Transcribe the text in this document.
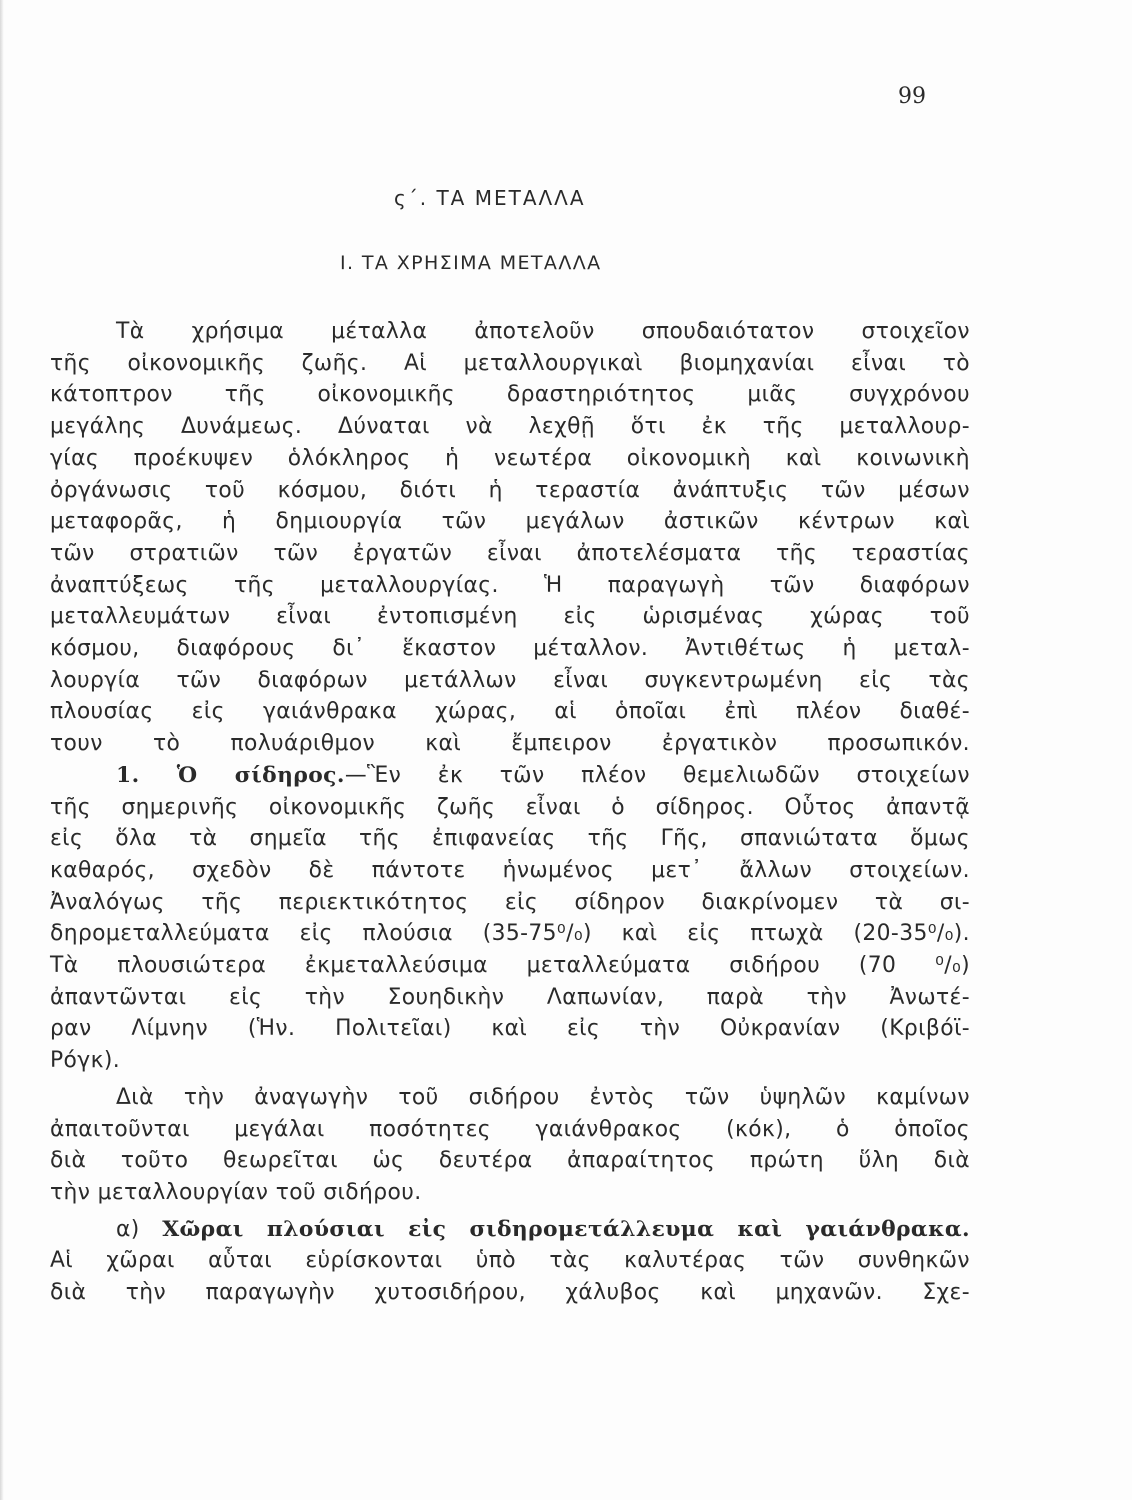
99
ς΄. ΤΑ ΜΕΤΑΛΛΑ
Ι. ΤΑ ΧΡΗΣΙΜΑ ΜΕΤΑΛΛΑ
Τὰ χρήσιμα μέταλλα ἀποτελοῦν σπουδαιότατον στοιχεῖον
τῆς οἰκονομικῆς ζωῆς. Αἱ μεταλλουργικαὶ βιομηχανίαι εἶναι τὸ
κάτοπτρον τῆς οἰκονομικῆς δραστηριότητος μιᾶς συγχρόνου
μεγάλης Δυνάμεως. Δύναται νὰ λεχθῇ ὅτι ἐκ τῆς μεταλλουρ-
γίας προέκυψεν ὁλόκληρος ἡ νεωτέρα οἰκονομικὴ καὶ κοινωνικὴ
ὀργάνωσις τοῦ κόσμου, διότι ἡ τεραστία ἀνάπτυξις τῶν μέσων
μεταφορᾶς, ἡ δημιουργία τῶν μεγάλων ἀστικῶν κέντρων καὶ
τῶν στρατιῶν τῶν ἐργατῶν εἶναι ἀποτελέσματα τῆς τεραστίας
ἀναπτύξεως τῆς μεταλλουργίας. Ἡ παραγωγὴ τῶν διαφόρων
μεταλλευμάτων εἶναι ἐντοπισμένη εἰς ὡρισμένας χώρας τοῦ
κόσμου, διαφόρους δι᾽ ἕκαστον μέταλλον. Ἀντιθέτως ἡ μεταλ-
λουργία τῶν διαφόρων μετάλλων εἶναι συγκεντρωμένη εἰς τὰς
πλουσίας εἰς γαιάνθρακα χώρας, αἱ ὁποῖαι ἐπὶ πλέον διαθέ-
τουν τὸ πολυάριθμον καὶ ἔμπειρον ἐργατικὸν προσωπικόν.
1. Ὁ σίδηρος.—Ἓν ἐκ τῶν πλέον θεμελιωδῶν στοιχείων
τῆς σημερινῆς οἰκονομικῆς ζωῆς εἶναι ὁ σίδηρος. Οὗτος ἀπαντᾷ
εἰς ὅλα τὰ σημεῖα τῆς ἐπιφανείας τῆς Γῆς, σπανιώτατα ὅμως
καθαρός, σχεδὸν δὲ πάντοτε ἡνωμένος μετ᾽ ἄλλων στοιχείων.
Ἀναλόγως τῆς περιεκτικότητος εἰς σίδηρον διακρίνομεν τὰ σι-
δηρομεταλλεύματα εἰς πλούσια (35-75⁰/₀) καὶ εἰς πτωχὰ (20-35⁰/₀).
Τὰ πλουσιώτερα ἐκμεταλλεύσιμα μεταλλεύματα σιδήρου (70 ⁰/₀)
ἀπαντῶνται εἰς τὴν Σουηδικὴν Λαπωνίαν, παρὰ τὴν Ἀνωτέ-
ραν Λίμνην (Ἡν. Πολιτεῖαι) καὶ εἰς τὴν Οὐκρανίαν (Κριβόϊ-
Ρόγκ).
Διὰ τὴν ἀναγωγὴν τοῦ σιδήρου ἐντὸς τῶν ὑψηλῶν καμίνων
ἀπαιτοῦνται μεγάλαι ποσότητες γαιάνθρακος (κόκ), ὁ ὁποῖος
διὰ τοῦτο θεωρεῖται ὡς δευτέρα ἀπαραίτητος πρώτη ὕλη διὰ
τὴν μεταλλουργίαν τοῦ σιδήρου.
α) Χῶραι πλούσιαι εἰς σιδηρομετάλλευμα καὶ γαιάνθρακα.
Αἱ χῶραι αὗται εὑρίσκονται ὑπὸ τὰς καλυτέρας τῶν συνθηκῶν
διὰ τὴν παραγωγὴν χυτοσιδήρου, χάλυβος καὶ μηχανῶν. Σχε-
